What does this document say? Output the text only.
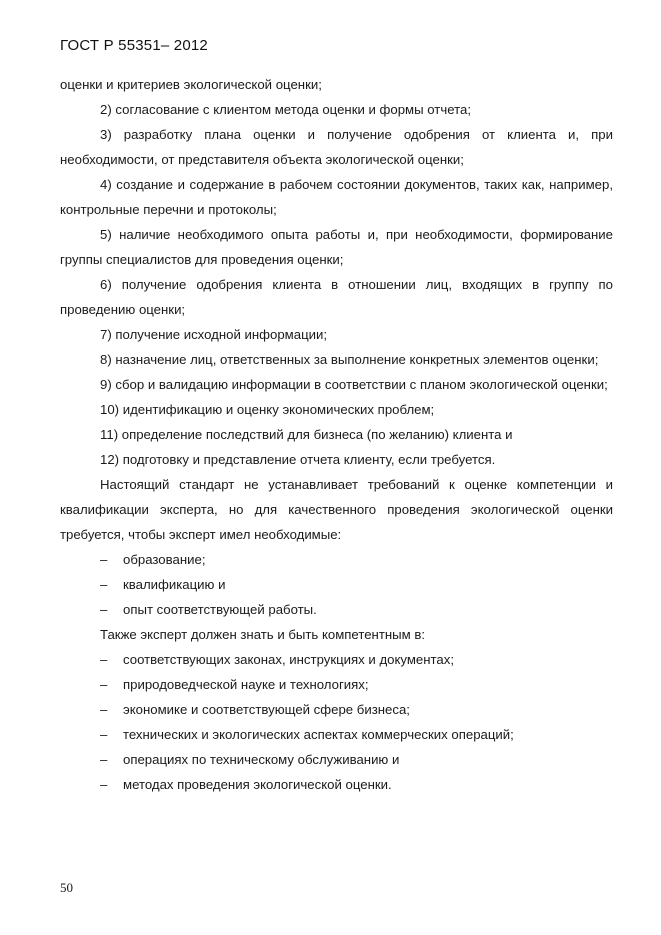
ГОСТ Р 55351– 2012

оценки и критериев экологической оценки;

2) согласование с клиентом метода оценки и формы отчета;

3) разработку плана оценки и получение одобрения от клиента и, при необходимости, от представителя объекта экологической оценки;

4) создание и содержание в рабочем состоянии документов, таких как, например, контрольные перечни и протоколы;

5) наличие необходимого опыта работы и, при необходимости, формирование группы специалистов для проведения оценки;

6) получение одобрения клиента в отношении лиц, входящих в группу по проведению оценки;

7) получение исходной информации;

8) назначение лиц, ответственных за выполнение конкретных элементов оценки;

9) сбор и валидацию информации в соответствии с планом экологической оценки;

10) идентификацию и оценку экономических проблем;

11) определение последствий для бизнеса (по желанию) клиента и

12) подготовку и представление отчета клиенту, если требуется.

Настоящий стандарт не устанавливает требований к оценке компетенции и квалификации эксперта, но для качественного проведения экологической оценки требуется, чтобы эксперт имел необходимые:

–	образование;
–	квалификацию и
–	опыт соответствующей работы.

Также эксперт должен знать и быть компетентным в:

–	соответствующих законах, инструкциях и документах;
–	природоведческой науке и технологиях;
–	экономике и соответствующей сфере бизнеса;
–	технических и экологических аспектах коммерческих операций;
–	операциях по техническому обслуживанию и
–	методах проведения экологической оценки.
50
